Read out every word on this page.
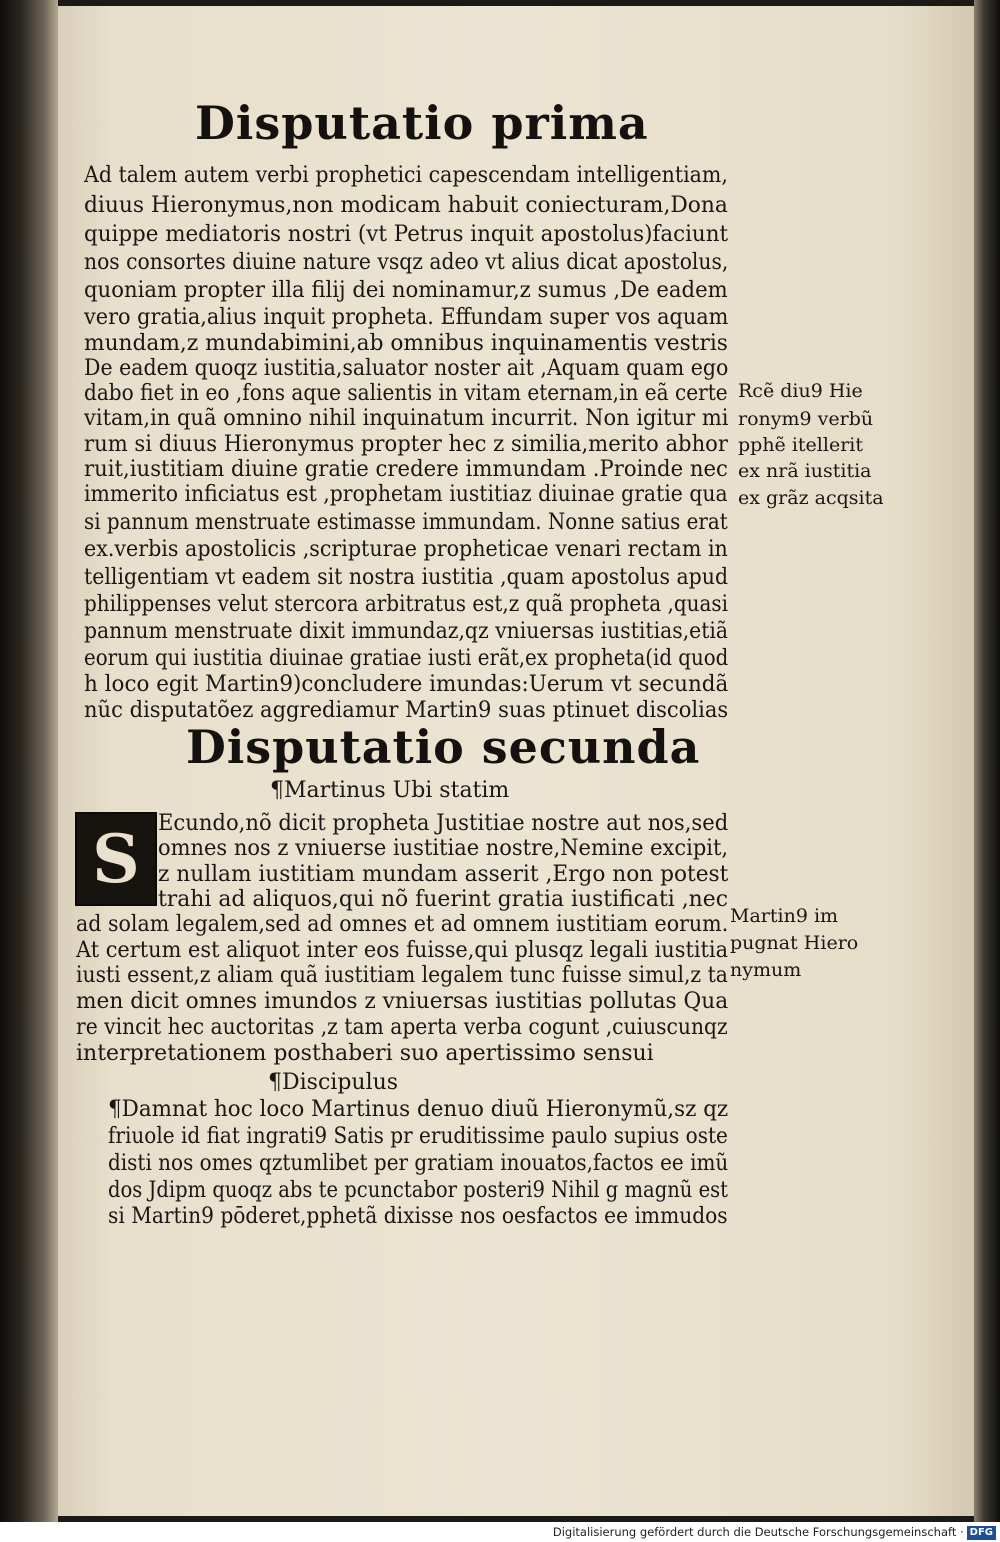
Disputatio prima
Ad talem autem verbi prophetici capescendam intelligentiam,
diuus Hieronymus,non modicam habuit coniecturam,Dona
quippe mediatoris nostri (vt Petrus inquit apostolus)faciunt
nos consortes diuine nature vsqz adeo vt alius dicat apostolus,
quoniam propter illa filij dei nominamur,z sumus ,De eadem
vero gratia,alius inquit propheta. Effundam super vos aquam
mundam,z mundabimini,ab omnibus inquinamentis vestris
De eadem quoqz iustitia,saluator noster ait ,Aquam quam ego
dabo fiet in eo ,fons aque salientis in vitam eternam,in eã certe
vitam,in quã omnino nihil inquinatum incurrit. Non igitur mi
rum si diuus Hieronymus propter hec z similia,merito abhor
ruit,iustitiam diuine gratie credere immundam .Proinde nec
immerito inficiatus est ,prophetam iustitiaz diuinae gratie qua
si pannum menstruate estimasse immundam. Nonne satius erat
ex.verbis apostolicis ,scripturae propheticae venari rectam in
telligentiam vt eadem sit nostra iustitia ,quam apostolus apud
philippenses velut stercora arbitratus est,z quã propheta ,quasi
pannum menstruate dixit immundaz,qz vniuersas iustitias,etiã
eorum qui iustitia diuinae gratiae iusti erãt,ex propheta(id quod
h loco egit Martin9)concludere imundas:Uerum vt secundã
nũc disputatõez aggrediamur Martin9 suas ptinuet discolias
Rcẽ diu9 Hie
ronym9 verbũ
pphẽ itellerit
ex nrã iustitia
ex grãz acqsita
Disputatio secunda
¶Martinus Ubi statim
S Ecundo,nõ dicit propheta Justitiae nostre aut nos,sed
omnes nos z vniuerse iustitiae nostre,Nemine excipit,
z nullam iustitiam mundam asserit ,Ergo non potest
trahi ad aliquos,qui nõ fuerint gratia iustificati ,nec
ad solam legalem,sed ad omnes et ad omnem iustitiam eorum.
At certum est aliquot inter eos fuisse,qui plusqz legali iustitia
iusti essent,z aliam quã iustitiam legalem tunc fuisse simul,z ta
men dicit omnes imundos z vniuersas iustitias pollutas Qua
re vincit hec auctoritas ,z tam aperta verba cogunt ,cuiuscunqz
interpretationem posthaberi suo apertissimo sensui
Martin9 im
pugnat Hiero
nymum
¶Discipulus
¶Damnat hoc loco Martinus denuo diuũ Hieronymũ,sz qz
friuole id fiat ingrati9 Satis pr eruditissime paulo supius oste
disti nos omes qztumlibet per gratiam inouatos,factos ee imũ
dos Jdipm quoqz abs te pcunctabor posteri9 Nihil g magnũ est
si Martin9 pōderet,pphetã dixisse nos oesfactos ee immudos
Digitalisierung gefördert durch die Deutsche Forschungsgemeinschaft · DFG
